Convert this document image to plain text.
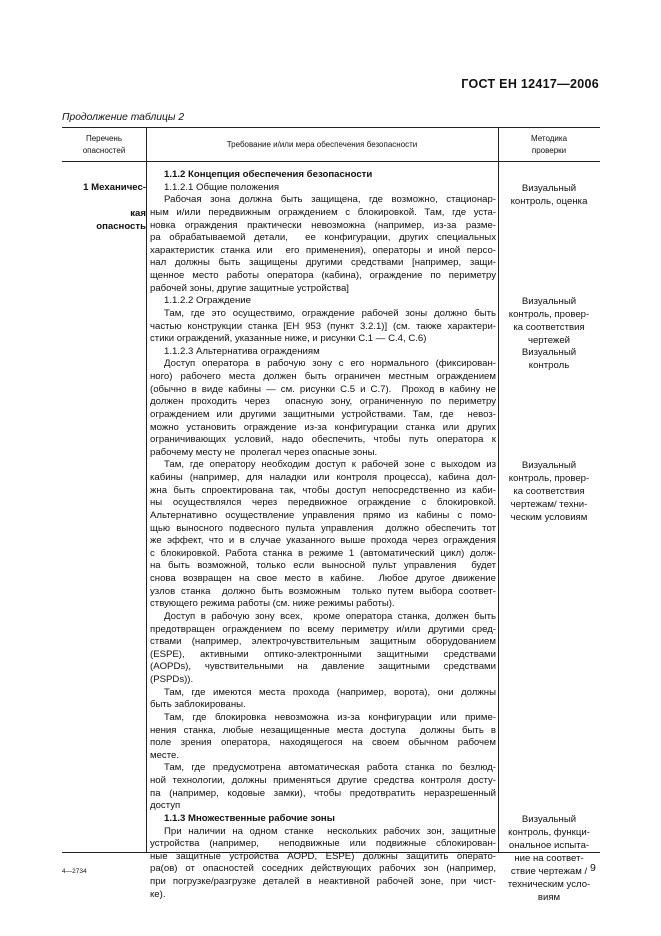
ГОСТ ЕН 12417—2006
Продолжение таблицы 2
Перечень
опасностей
Требование и/или мера обеспечения безопасности
Методика
проверки

1 Механичес-

кая опасность

1.1.2 Концепция обеспечения безопасности
1.1.2.1 Общие положения
Рабочая зона должна быть защищена, где возможно, стационар-
ным и/или передвижным ограждением с блокировкой. Там, где уста-
новка ограждения практически невозможна (например, из-за разме-
ра обрабатываемой детали,  ее конфигурации, других специальных
характеристик станка или  его применения), операторы и иной персо-
нал должны быть защищены другими средствами [например, защи-
щенное место работы оператора (кабина), ограждение по периметру
рабочей зоны, другие защитные устройства]
1.1.2.2 Ограждение
Там, где это осуществимо, ограждение рабочей зоны должно быть
частью конструкции станка [ЕН 953 (пункт 3.2.1)] (см. также характери-
стики ограждений, указанные ниже, и рисунки С.1 — С.4, С.6)
1.1.2.3 Альтернатива ограждениям
Доступ оператора в рабочую зону с его нормального (фиксирован-
ного) рабочего места должен быть ограничен местным ограждением
(обычно в виде кабины — см. рисунки С.5 и С.7).  Проход в кабину не
должен проходить через  опасную зону, ограниченную по периметру
ограждением или другими защитными устройствами. Там, где  невоз-
можно установить ограждение из-за конфигурации станка или других
ограничивающих условий, надо обеспечить, чтобы путь оператора к
рабочему месту не  пролегал через опасные зоны.
Там, где оператору необходим доступ к рабочей зоне с выходом из
кабины (например, для наладки или контроля процесса), кабина дол-
жна быть спроектирована так, чтобы доступ непосредственно из каби-
ны осуществлялся через передвижное ограждение с блокировкой.
Альтернативно осуществление управления прямо из кабины с помо-
щью выносного подвесного пульта управления  должно обеспечить тот
же эффект, что и в случае указанного выше прохода через ограждения
с блокировкой. Работа станка в режиме 1 (автоматический цикл) долж-
на быть возможной, только если выносной пульт управления  будет
снова возвращен на свое место в кабине.  Любое другое движение
узлов станка  должно быть возможным  только путем выбора соответ-
ствующего режима работы (см. ниже режимы работы).
Доступ в рабочую зону всех,  кроме оператора станка, должен быть
предотвращен ограждением по всему периметру и/или другими сред-
ствами (например, электрочувствительным защитным оборудованием
(ESPE), активными оптико-электронными защитными средствами
(AOPDs), чувствительными на давление защитными средствами
(PSPDs)).
Там, где имеются места прохода (например, ворота), они должны
быть заблокированы.
Там, где блокировка невозможна из-за конфигурации или приме-
нения станка, любые незащищенные места доступа  должны быть в
поле зрения оператора, находящегося на своем обычном рабочем
месте.
Там, где предусмотрена автоматическая работа станка по безлюд-
ной технологии, должны применяться другие средства контроля досту-
па (например, кодовые замки), чтобы предотвратить неразрешенный
доступ
1.1.3 Множественные рабочие зоны
При наличии на одном станке  нескольких рабочих зон, защитные
устройства (например,  неподвижные или подвижные сблокирован-
ные защитные устройства AOPD, ESPE) должны защитить операто-
ра(ов) от опасностей соседних действующих рабочих зон (например,
при погрузке/разгрузке деталей в неактивной рабочей зоне, при чист-
ке).
Визуальный
контроль, оценка
Визуальный
контроль, провер-
ка соответствия
чертежей
Визуальный
контроль
Визуальный
контроль, провер-
ка соответствия
чертежам/ техни-
ческим условиям
Визуальный
контроль, функци-
ональное испыта-
ние на соответ-
ствие чертежам /
техническим усло-
виям
4—2734	9
